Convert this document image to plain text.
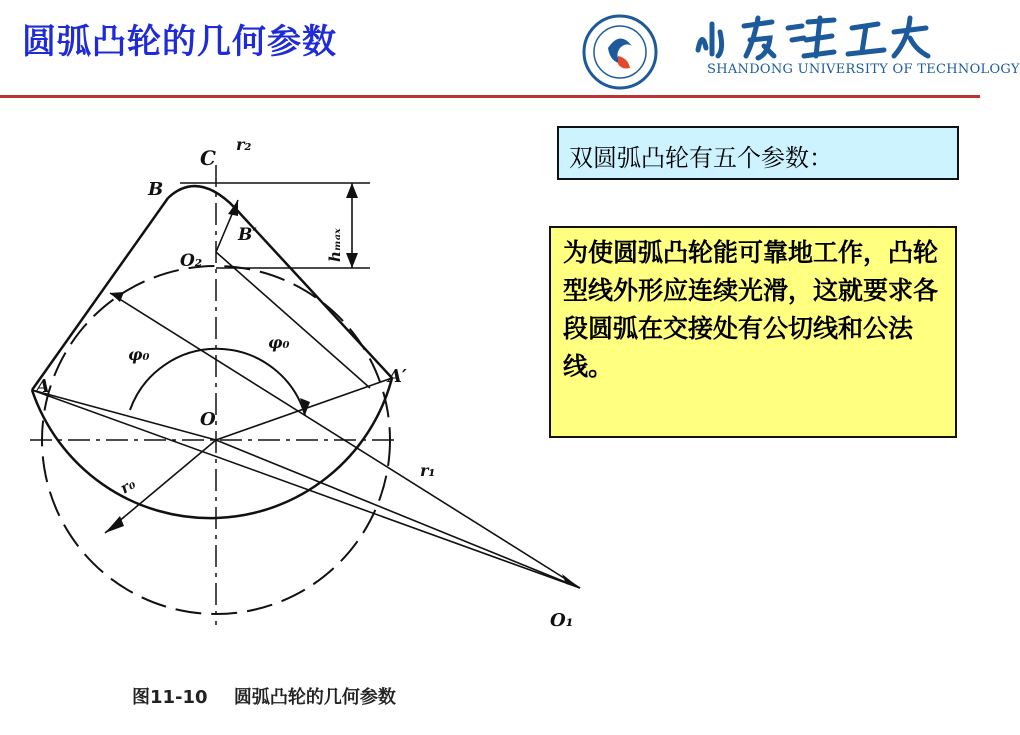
圆弧凸轮的几何参数
SHANDONG UNIVERSITY OF TECHNOLOGY
C
r₂
B
B′
O₂	hₘₐₓ
φ₀
φ₀
A	A′
O
r₁
r₀
O₁
双圆弧凸轮有五个参数：
为使圆弧凸轮能可靠地工作，凸轮型线外形应连续光滑，这就要求各段圆弧在交接处有公切线和公法线。
图11-10 圆弧凸轮的几何参数
